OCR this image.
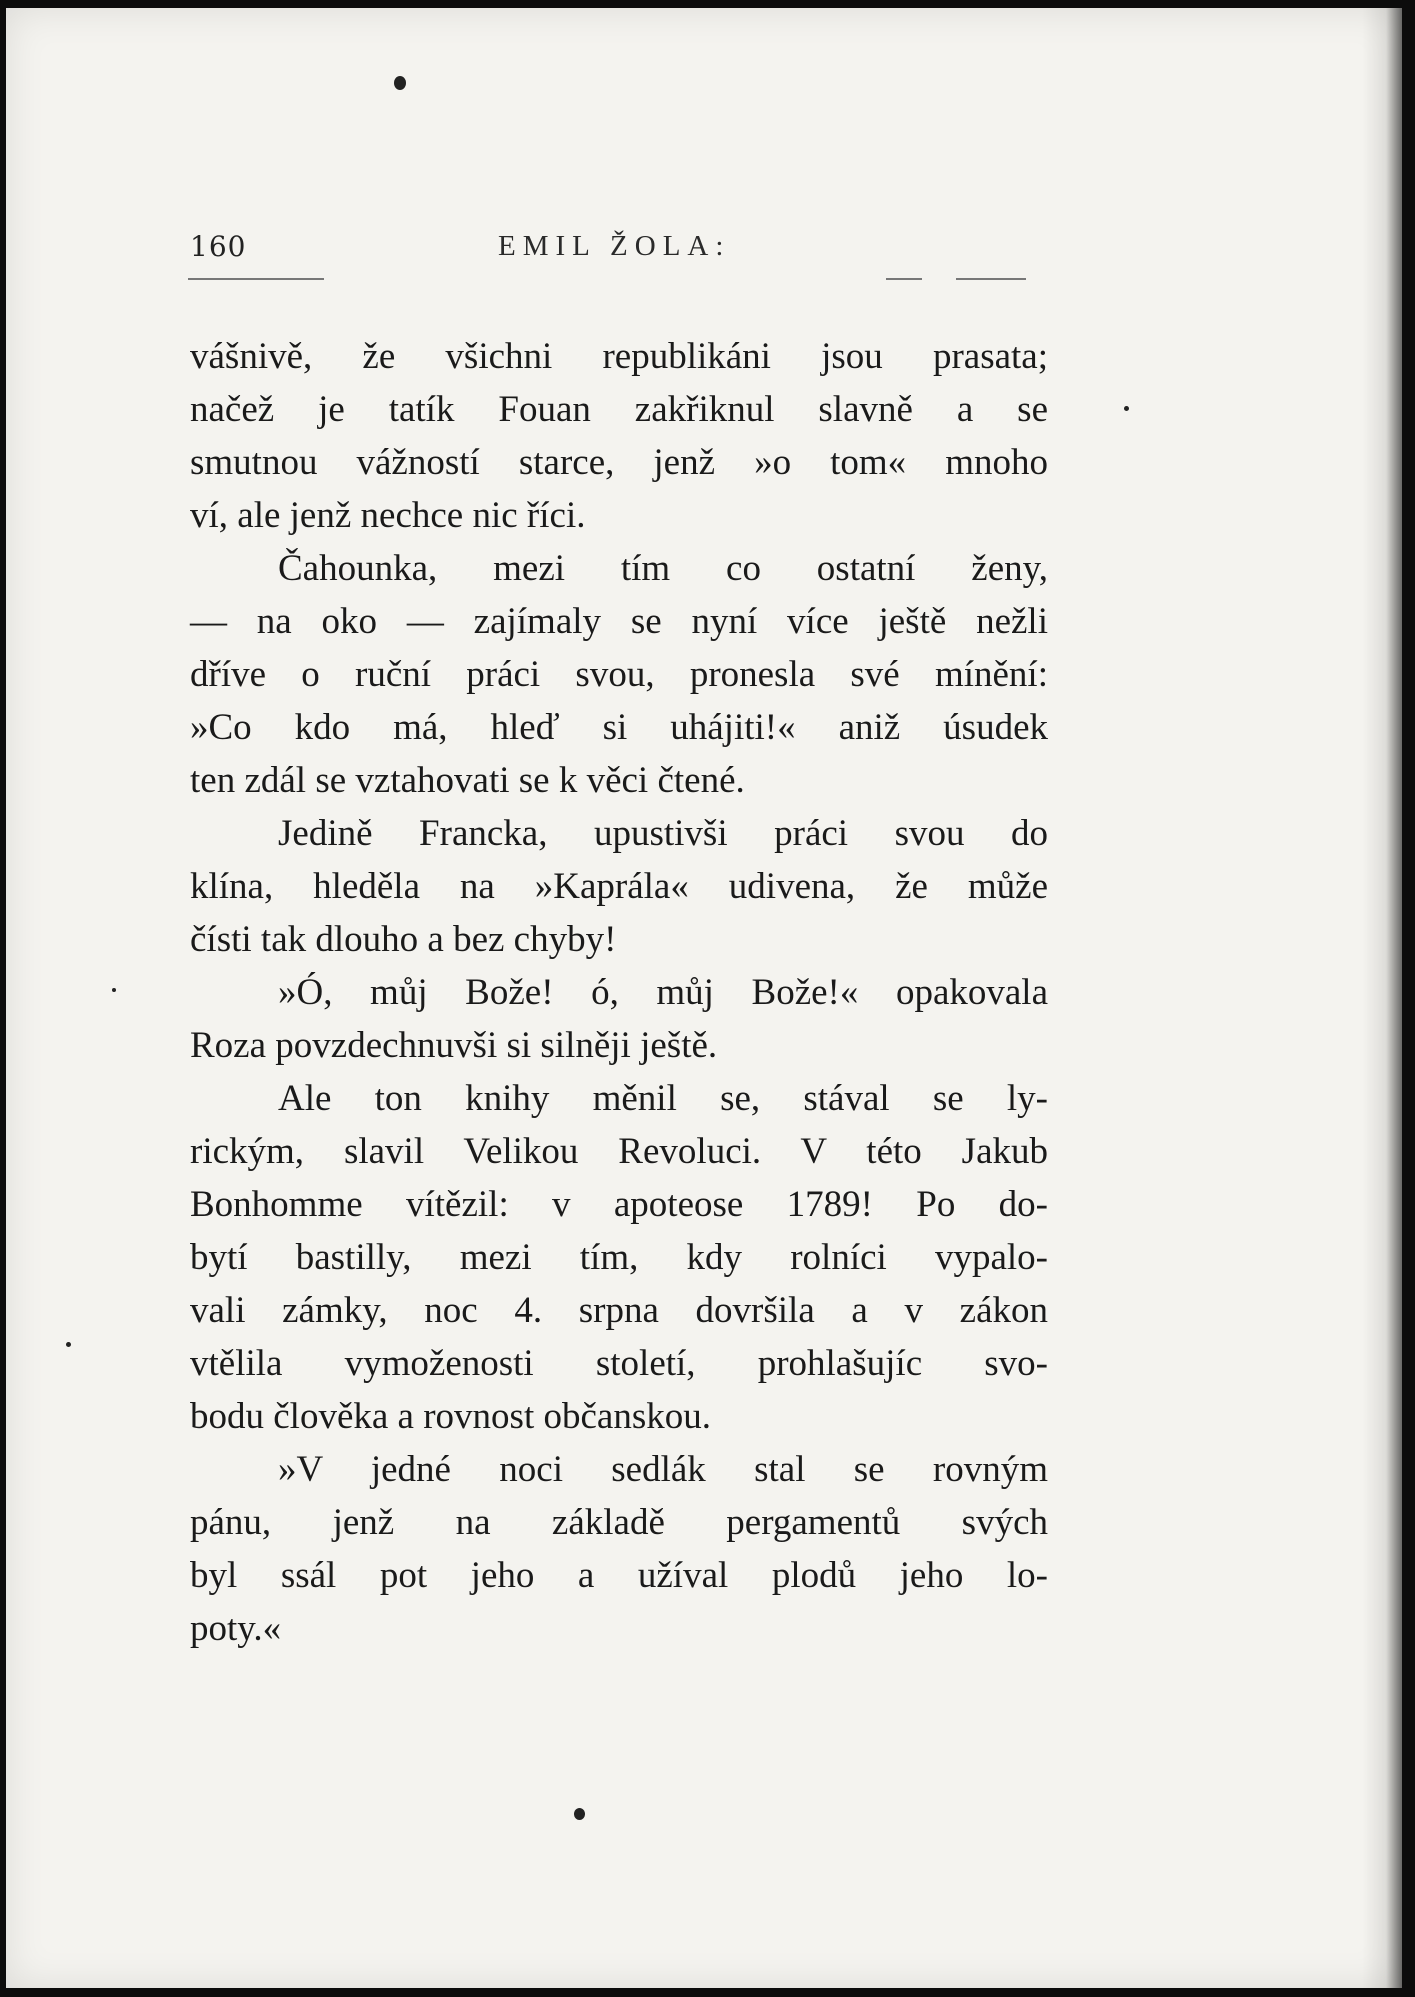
160	EMIL ŽOLA:
vášnivě, že všichni republikáni jsou prasata;
načež je tatík Fouan zakřiknul slavně a se
smutnou vážností starce, jenž »o tom« mnoho
ví, ale jenž nechce nic říci.
Čahounka, mezi tím co ostatní ženy,
— na oko — zajímaly se nyní více ještě nežli
dříve o ruční práci svou, pronesla své mínění:
»Co kdo má, hleď si uhájiti!« aniž úsudek
ten zdál se vztahovati se k věci čtené.
Jedině Francka, upustivši práci svou do
klína, hleděla na »Kaprála« udivena, že může
čísti tak dlouho a bez chyby!
»Ó, můj Bože! ó, můj Bože!« opakovala
Roza povzdechnuvši si silněji ještě.
Ale ton knihy měnil se, stával se ly-
rickým, slavil Velikou Revoluci. V této Jakub
Bonhomme vítězil: v apoteose 1789! Po do-
bytí bastilly, mezi tím, kdy rolníci vypalo-
vali zámky, noc 4. srpna dovršila a v zákon
vtělila vymoženosti století, prohlašujíc svo-
bodu člověka a rovnost občanskou.
»V jedné noci sedlák stal se rovným
pánu, jenž na základě pergamentů svých
byl ssál pot jeho a užíval plodů jeho lo-
poty.«
